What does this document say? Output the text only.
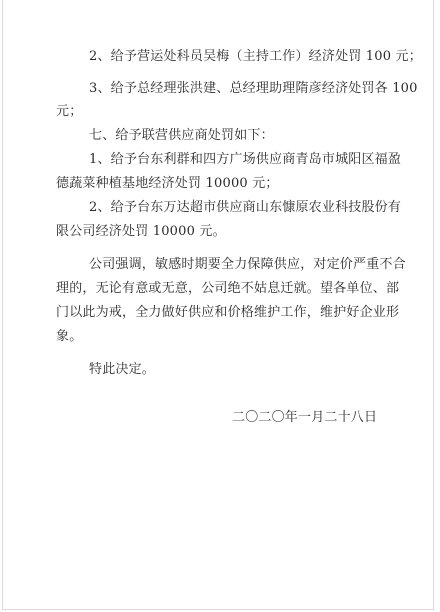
2、给予营运处科员吴梅（主持工作）经济处罚 100 元；
3、给予总经理张洪建、总经理助理隋彦经济处罚各 100
元；
七、给予联营供应商处罚如下：
1、给予台东利群和四方广场供应商青岛市城阳区福盈
德蔬菜种植基地经济处罚 10000 元；
2、给予台东万达超市供应商山东慷原农业科技股份有
限公司经济处罚 10000 元。
公司强调，敏感时期要全力保障供应，对定价严重不合
理的，无论有意或无意，公司绝不姑息迁就。望各单位、部
门以此为戒，全力做好供应和价格维护工作，维护好企业形
象。
特此决定。
二〇二〇年一月二十八日
